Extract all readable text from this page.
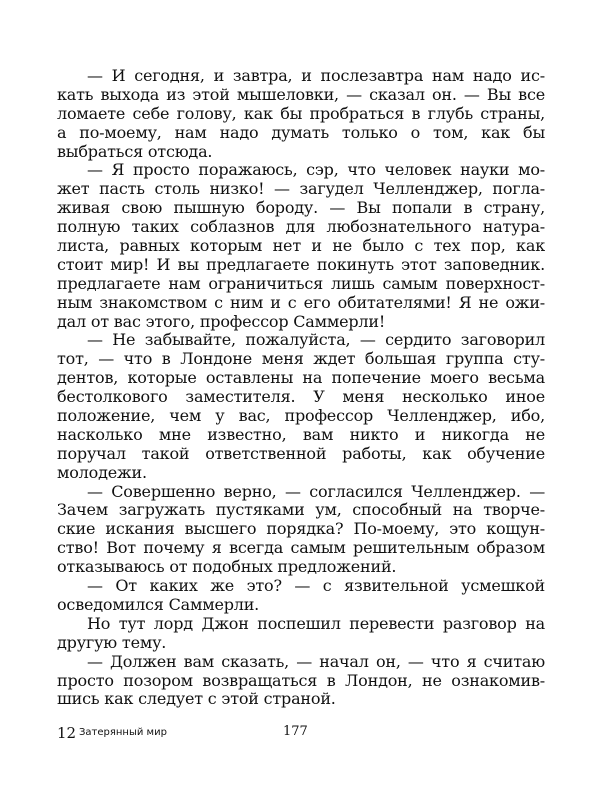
— И сегодня, и завтра, и послезавтра нам надо ис-
кать выхода из этой мышеловки, — сказал он. — Вы все
ломаете себе голову, как бы пробраться в глубь страны,
а по-моему, нам надо думать только о том, как бы
выбраться отсюда.
— Я просто поражаюсь, сэр, что человек науки мо-
жет пасть столь низко! — загудел Челленджер, погла-
живая свою пышную бороду. — Вы попали в страну,
полную таких соблазнов для любознательного натура-
листа, равных которым нет и не было с тех пор, как
стоит мир! И вы предлагаете покинуть этот заповедник.
предлагаете нам ограничиться лишь самым поверхност-
ным знакомством с ним и с его обитателями! Я не ожи-
дал от вас этого, профессор Саммерли!
— Не забывайте, пожалуйста, — сердито заговорил
тот, — что в Лондоне меня ждет большая группа сту-
дентов, которые оставлены на попечение моего весьма
бестолкового заместителя. У меня несколько иное
положение, чем у вас, профессор Челленджер, ибо,
насколько мне известно, вам никто и никогда не
поручал такой ответственной работы, как обучение
молодежи.
— Совершенно верно, — согласился Челленджер. —
Зачем загружать пустяками ум, способный на творче-
ские искания высшего порядка? По-моему, это кощун-
ство! Вот почему я всегда самым решительным образом
отказываюсь от подобных предложений.
— От каких же это? — с язвительной усмешкой
осведомился Саммерли.
Но тут лорд Джон поспешил перевести разговор на
другую тему.
— Должен вам сказать, — начал он, — что я считаю
просто позором возвращаться в Лондон, не ознакомив-
шись как следует с этой страной.
12 Затерянный мир	177
